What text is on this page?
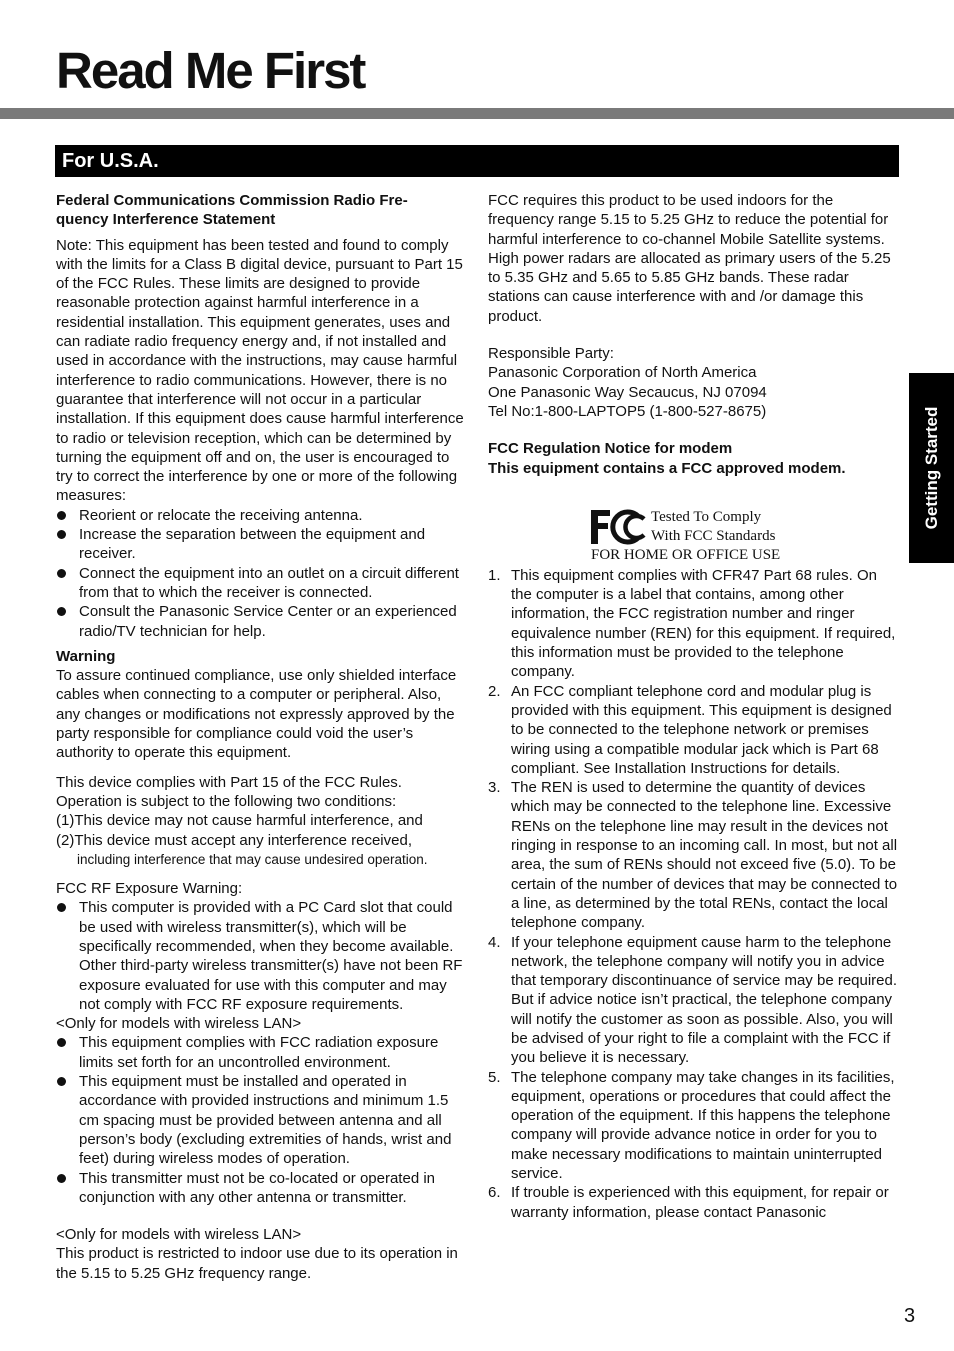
Read Me First
For U.S.A.
Getting Started

Federal Communications Commission Radio Fre-
quency Interference Statement

Note: This equipment has been tested and found to comply with the limits for a Class B digital device, pursuant to Part 15 of the FCC Rules. These limits are designed to provide reasonable protection against harmful interference in a residential installation. This equipment generates, uses and can radiate radio frequency energy and, if not installed and used in accordance with the instructions, may cause harmful interference to radio communications. However, there is no guarantee that interference will not occur in a particular installation. If this equipment does cause harmful interference to radio or television reception, which can be determined by turning the equipment off and on, the user is encouraged to try to correct the interference by one or more of the following measures:

Reorient or relocate the receiving antenna.
Increase the separation between the equipment and receiver.
Connect the equipment into an outlet on a circuit different from that to which the receiver is connected.
Consult the Panasonic Service Center or an experienced radio/TV technician for help.

Warning

To assure continued compliance, use only shielded interface cables when connecting to a computer or peripheral. Also, any changes or modifications not expressly approved by the party responsible for compliance could void the user’s authority to operate this equipment.

This device complies with Part 15 of the FCC Rules.

Operation is subject to the following two conditions:

(1)This device may not cause harmful interference, and

(2)This device must accept any interference received,

including interference that may cause undesired operation.

FCC RF Exposure Warning:

This computer is provided with a PC Card slot that could be used with wireless transmitter(s), which will be specifically recommended, when they become available. Other third-party wireless transmitter(s) have not been RF exposure evaluated for use with this computer and may not comply with FCC RF exposure requirements.

<Only for models with wireless LAN>

This equipment complies with FCC radiation exposure limits set forth for an uncontrolled environment.
This equipment must be installed and operated in accordance with provided instructions and minimum 1.5 cm spacing must be provided between antenna and all person’s body (excluding extremities of hands, wrist and feet) during wireless modes of operation.
This transmitter must not be co-located or operated in conjunction with any other antenna or transmitter.

<Only for models with wireless LAN>

This product is restricted to indoor use due to its operation in the 5.15 to 5.25 GHz frequency range.

FCC requires this product to be used indoors for the frequency range 5.15 to 5.25 GHz to reduce the potential for harmful interference to co-channel Mobile Satellite systems.

High power radars are allocated as primary users of the 5.25 to 5.35 GHz and 5.65 to 5.85 GHz bands. These radar stations can cause interference with and /or damage this product.

Responsible Party:

Panasonic Corporation of North America

One Panasonic Way Secaucus, NJ 07094

Tel No:1-800-LAPTOP5 (1-800-527-8675)

FCC Regulation Notice for modem

This equipment contains a FCC approved modem.

Tested To Comply
With FCC Standards
FOR HOME OR OFFICE USE
1. This equipment complies with CFR47 Part 68 rules. On the computer is a label that contains, among other information, the FCC registration number and ringer equivalence number (REN) for this equipment. If required, this information must be provided to the telephone company.
2. An FCC compliant telephone cord and modular plug is provided with this equipment. This equipment is designed to be connected to the telephone network or premises wiring using a compatible modular jack which is Part 68 compliant. See Installation Instructions for details.
3. The REN is used to determine the quantity of devices which may be connected to the telephone line. Excessive RENs on the telephone line may result in the devices not ringing in response to an incoming call. In most, but not all area, the sum of RENs should not exceed five (5.0). To be certain of the number of devices that may be connected to a line, as determined by the total RENs, contact the local telephone company.
4. If your telephone equipment cause harm to the telephone network, the telephone company will notify you in advice that temporary discontinuance of service may be required. But if advice notice isn’t practical, the telephone company will notify the customer as soon as possible. Also, you will be advised of your right to file a complaint with the FCC if you believe it is necessary.
5. The telephone company may take changes in its facilities, equipment, operations or procedures that could affect the operation of the equipment. If this happens the telephone company will provide advance notice in order for you to make necessary modifications to maintain uninterrupted service.
6. If trouble is experienced with this equipment, for repair or warranty information, please contact Panasonic
3
